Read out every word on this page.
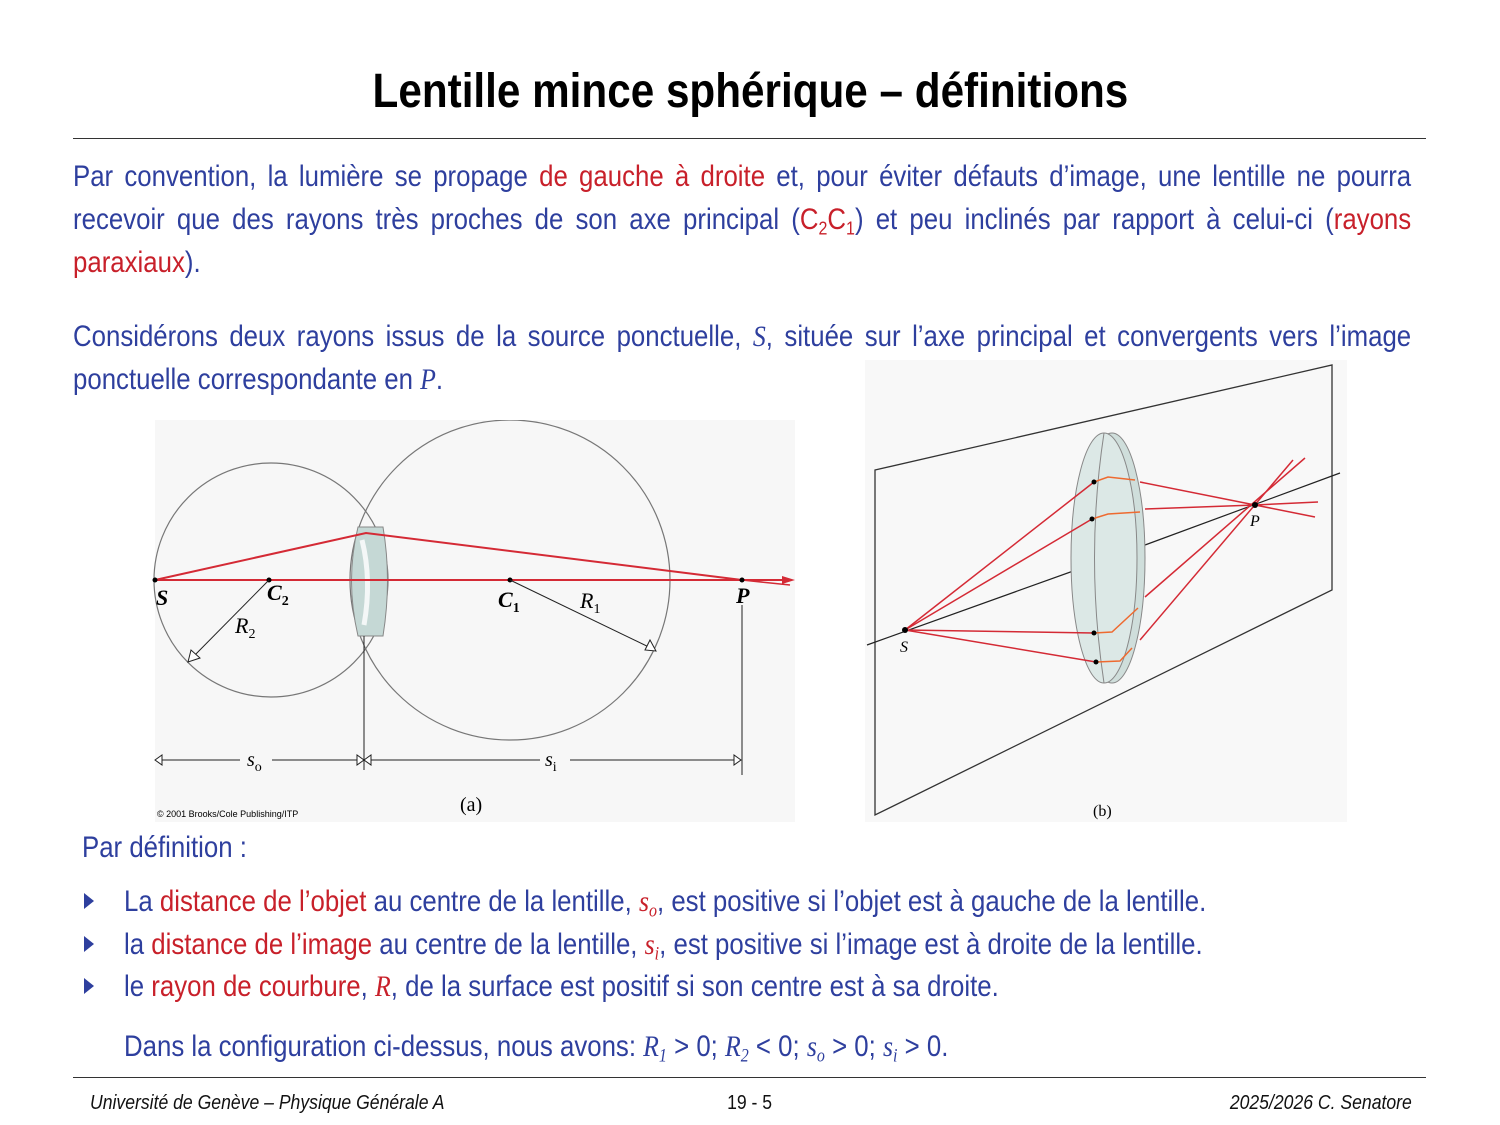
Lentille mince sphérique – définitions
Par convention, la lumière se propage de gauche à droite et, pour éviter défauts d’image, une lentille ne pourra recevoir que des rayons très proches de son axe principal $(C_2C_1)$ et peu inclinés par rapport à celui-ci (rayons paraxiaux).
Considérons deux rayons issus de la source ponctuelle, S, située sur l’axe principal et convergents vers l’image ponctuelle correspondante en P.
S	$C_2$	$C_1$	$R_1$
$R_2$
P
$s_o$	$s_i$
(a)
© 2001 Brooks/Cole Publishing/ITP
S
P
(b)
Par définition :
La distance de l’objet au centre de la lentille, $s_o$, est positive si l’objet est à gauche de la lentille.
la distance de l’image au centre de la lentille, $s_i$, est positive si l’image est à droite de la lentille.
le rayon de courbure, R, de la surface est positif si son centre est à sa droite.
Dans la configuration ci-dessus, nous avons: $R_1 > 0$; $R_2 < 0$; $s_o > 0$; $s_i > 0$.
Université de Genève – Physique Générale A	19 - 5	2025/2026 C. Senatore
